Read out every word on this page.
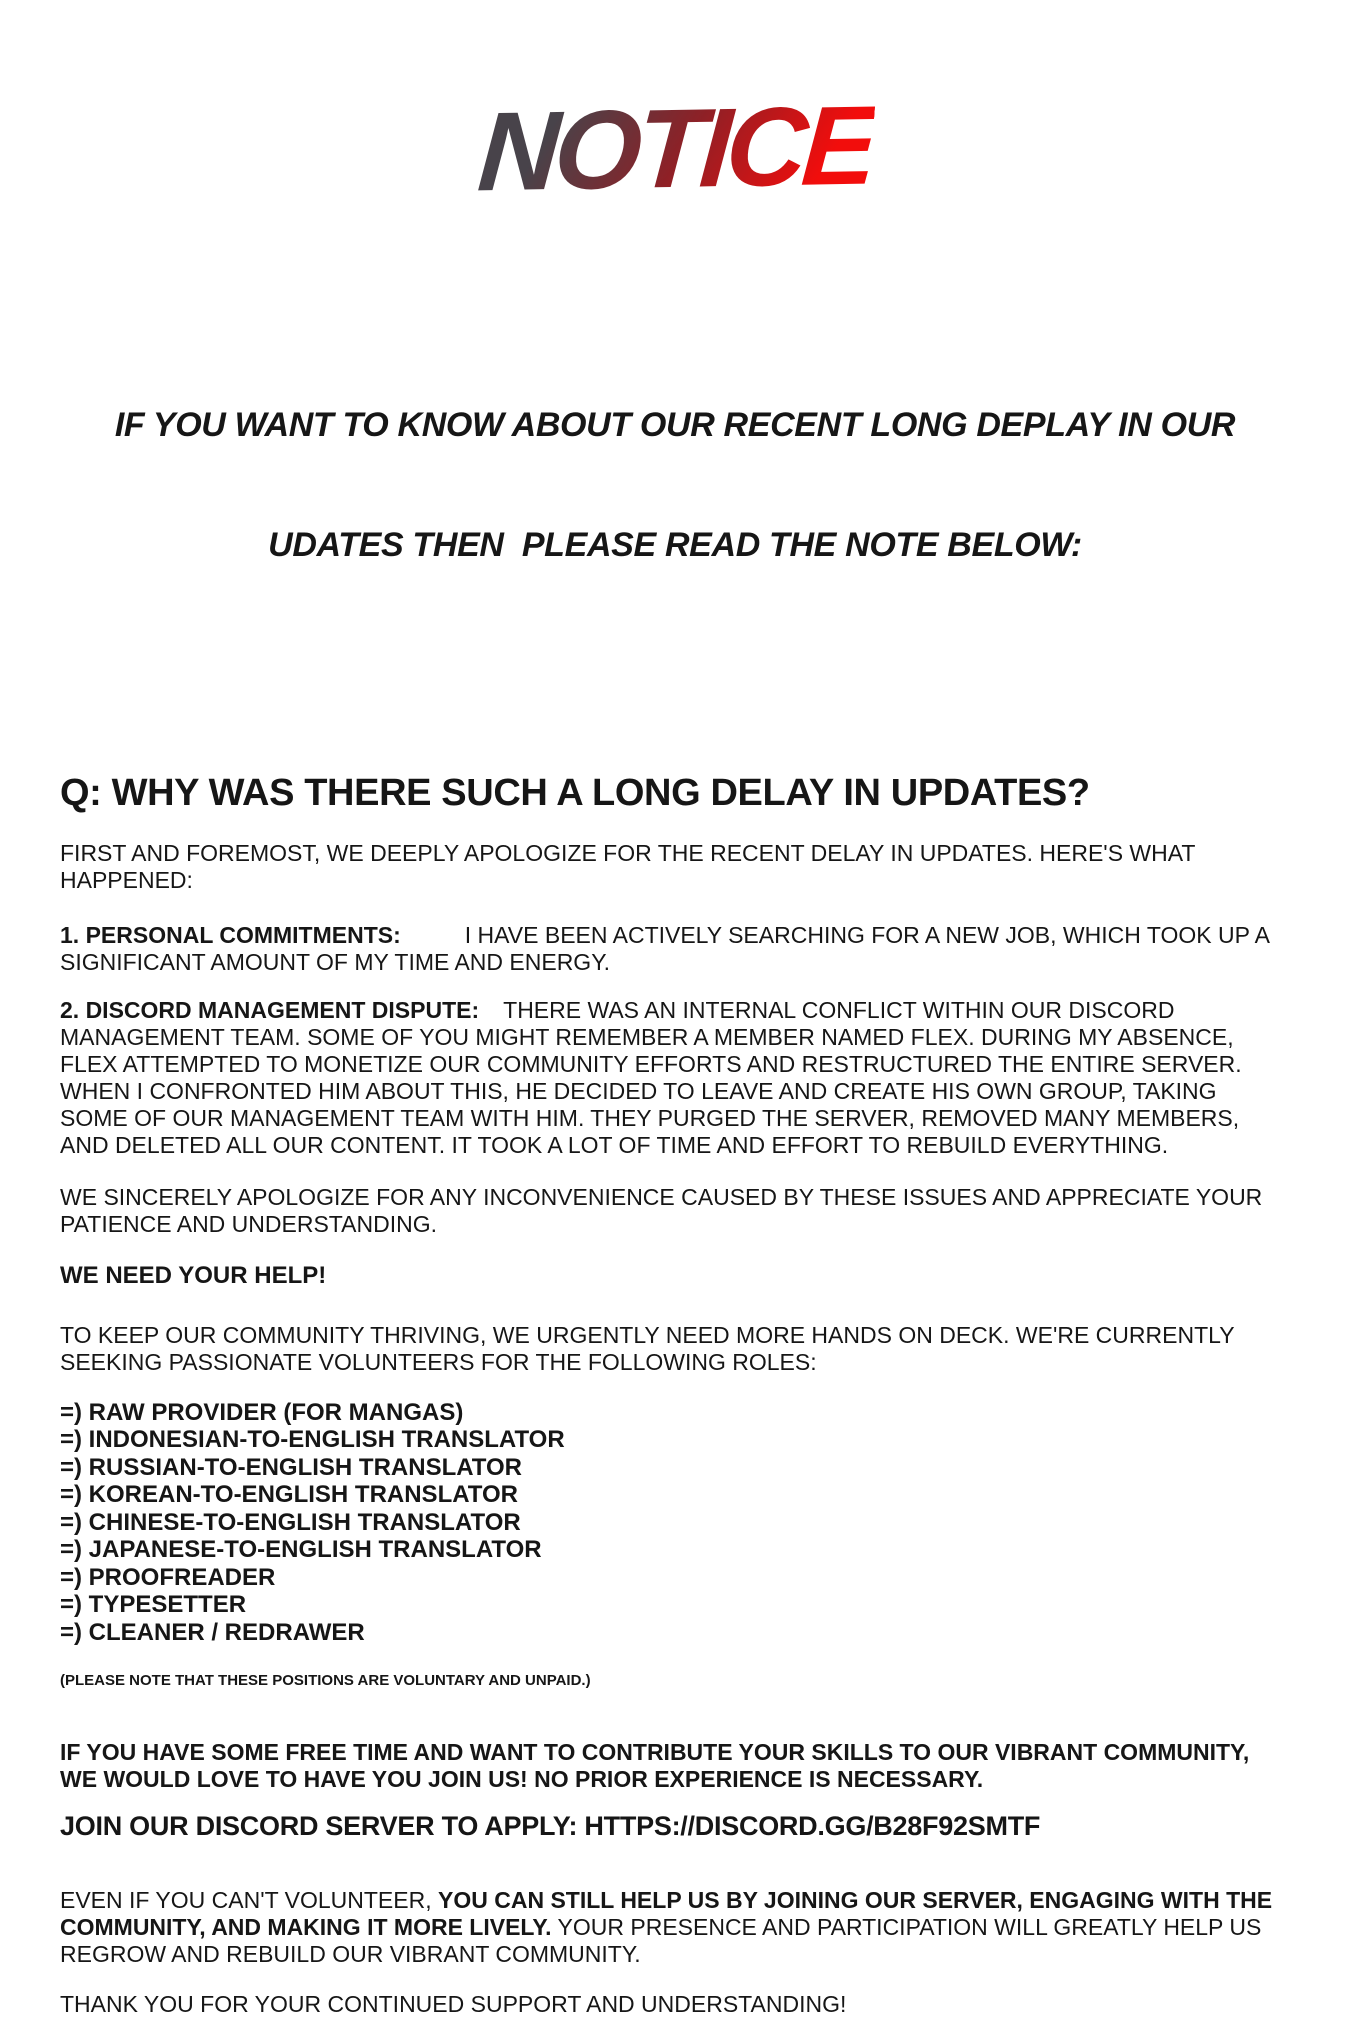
NOTICE

IF YOU WANT TO KNOW ABOUT OUR RECENT LONG DEPLAY IN OUR

UDATES THEN  PLEASE READ THE NOTE BELOW:

Q: WHY WAS THERE SUCH A LONG DELAY IN UPDATES?

FIRST AND FOREMOST, WE DEEPLY APOLOGIZE FOR THE RECENT DELAY IN UPDATES. HERE'S WHAT HAPPENED:

1. PERSONAL COMMITMENTS:	I HAVE BEEN ACTIVELY SEARCHING FOR A NEW JOB, WHICH TOOK UP A SIGNIFICANT AMOUNT OF MY TIME AND ENERGY.

2. DISCORD MANAGEMENT DISPUTE: THERE WAS AN INTERNAL CONFLICT WITHIN OUR DISCORD MANAGEMENT TEAM. SOME OF YOU MIGHT REMEMBER A MEMBER NAMED FLEX. DURING MY ABSENCE, FLEX ATTEMPTED TO MONETIZE OUR COMMUNITY EFFORTS AND RESTRUCTURED THE ENTIRE SERVER. WHEN I CONFRONTED HIM ABOUT THIS, HE DECIDED TO LEAVE AND CREATE HIS OWN GROUP, TAKING SOME OF OUR MANAGEMENT TEAM WITH HIM. THEY PURGED THE SERVER, REMOVED MANY MEMBERS, AND DELETED ALL OUR CONTENT. IT TOOK A LOT OF TIME AND EFFORT TO REBUILD EVERYTHING.

WE SINCERELY APOLOGIZE FOR ANY INCONVENIENCE CAUSED BY THESE ISSUES AND APPRECIATE YOUR PATIENCE AND UNDERSTANDING.

WE NEED YOUR HELP!

TO KEEP OUR COMMUNITY THRIVING, WE URGENTLY NEED MORE HANDS ON DECK. WE'RE CURRENTLY SEEKING PASSIONATE VOLUNTEERS FOR THE FOLLOWING ROLES:

=) RAW PROVIDER (FOR MANGAS)
=) INDONESIAN-TO-ENGLISH TRANSLATOR
=) RUSSIAN-TO-ENGLISH TRANSLATOR
=) KOREAN-TO-ENGLISH TRANSLATOR
=) CHINESE-TO-ENGLISH TRANSLATOR
=) JAPANESE-TO-ENGLISH TRANSLATOR
=) PROOFREADER
=) TYPESETTER
=) CLEANER / REDRAWER
(PLEASE NOTE THAT THESE POSITIONS ARE VOLUNTARY AND UNPAID.)

IF YOU HAVE SOME FREE TIME AND WANT TO CONTRIBUTE YOUR SKILLS TO OUR VIBRANT COMMUNITY, WE WOULD LOVE TO HAVE YOU JOIN US! NO PRIOR EXPERIENCE IS NECESSARY.

JOIN OUR DISCORD SERVER TO APPLY: HTTPS://DISCORD.GG/B28F92SMTF

EVEN IF YOU CAN'T VOLUNTEER, YOU CAN STILL HELP US BY JOINING OUR SERVER, ENGAGING WITH THE COMMUNITY, AND MAKING IT MORE LIVELY. YOUR PRESENCE AND PARTICIPATION WILL GREATLY HELP US REGROW AND REBUILD OUR VIBRANT COMMUNITY.

THANK YOU FOR YOUR CONTINUED SUPPORT AND UNDERSTANDING!
